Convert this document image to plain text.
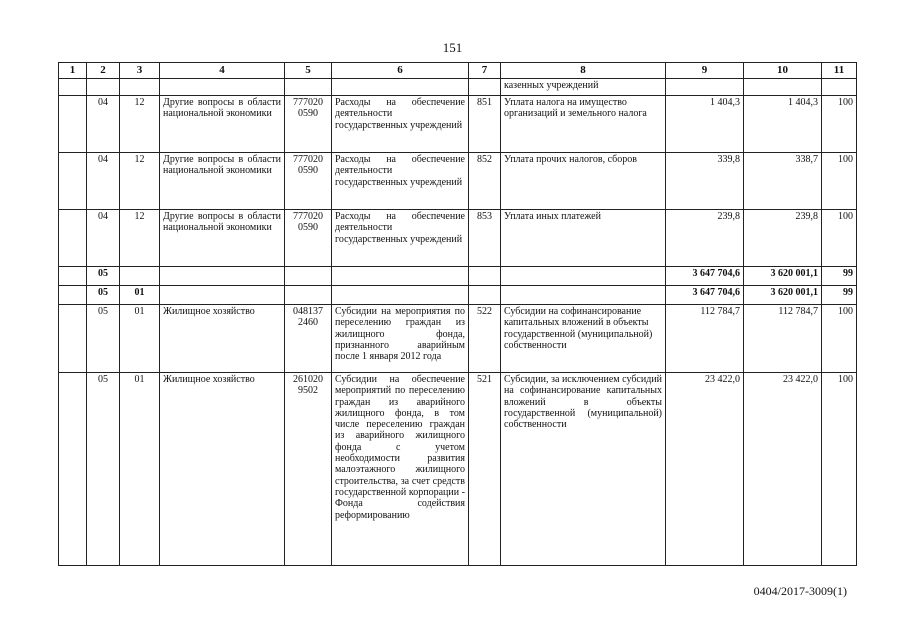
151
1	2	3	4	5	6	7	8	9	10	11
							казенных учреждений			
	04	12	Другие вопросы в области национальной экономики	777020 0590	Расходы на обеспечение деятельности государственных учреждений	851	Уплата налога на имущество организаций и земельного налога	1 404,3	1 404,3	100
	04	12	Другие вопросы в области национальной экономики	777020 0590	Расходы на обеспечение деятельности государственных учреждений	852	Уплата прочих налогов, сборов	339,8	338,7	100
	04	12	Другие вопросы в области национальной экономики	777020 0590	Расходы на обеспечение деятельности государственных учреждений	853	Уплата иных платежей	239,8	239,8	100
	05							3 647 704,6	3 620 001,1	99
	05	01						3 647 704,6	3 620 001,1	99
	05	01	Жилищное хозяйство	048137 2460	Субсидии на мероприятия по переселению граждан из жилищного фонда, признанного аварийным после 1 января 2012 года	522	Субсидии на софинансирование капитальных вложений в объекты государственной (муниципальной) собственности	112 784,7	112 784,7	100
	05	01	Жилищное хозяйство	261020 9502	Субсидии на обеспечение мероприятий по переселению граждан из аварийного жилищного фонда, в том числе переселению граждан из аварийного жилищного фонда с учетом необходимости развития малоэтажного жилищного строительства, за счет средств государственной корпорации - Фонда содействия реформированию	521	Субсидии, за исключением субсидий на софинансирование капитальных вложений в объекты государственной (муниципальной) собственности	23 422,0	23 422,0	100
0404/2017-3009(1)
